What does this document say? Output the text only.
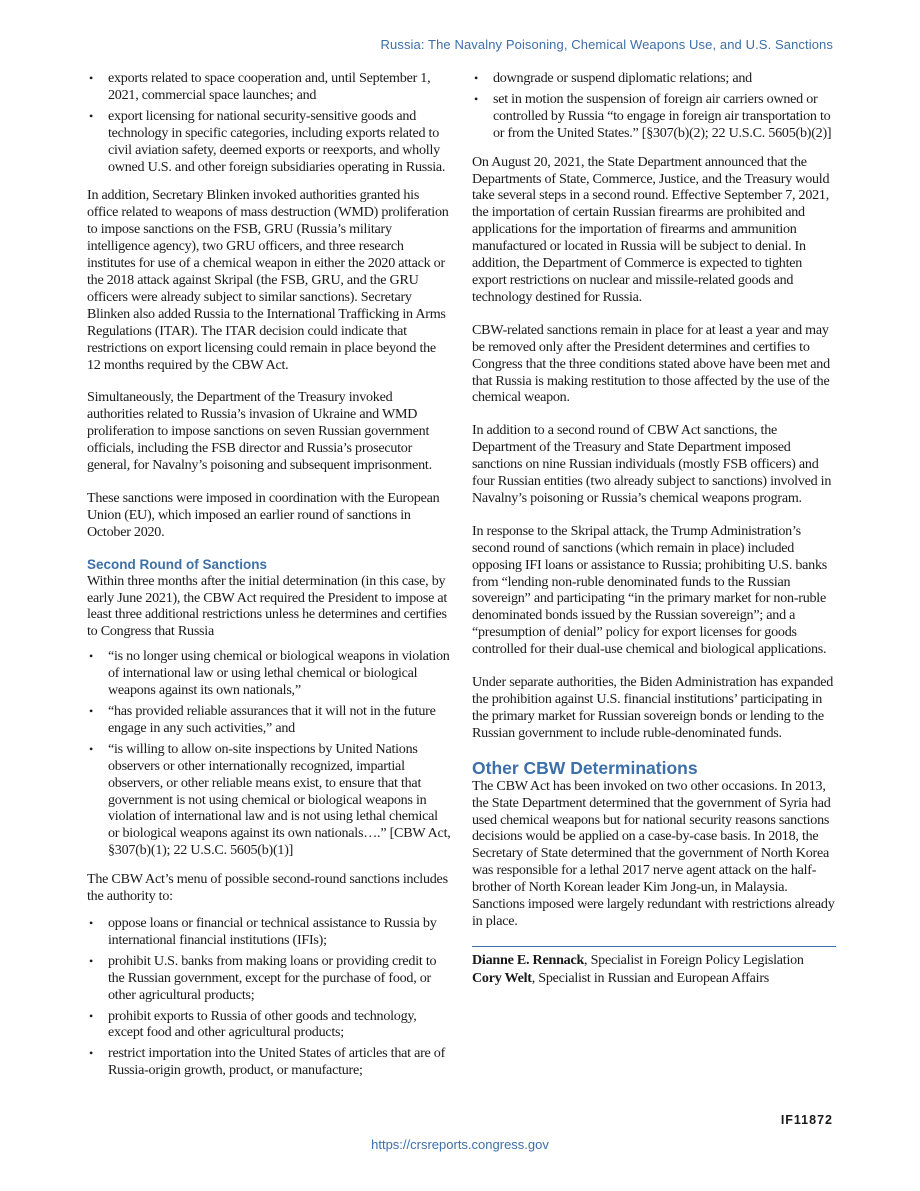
Russia: The Navalny Poisoning, Chemical Weapons Use, and U.S. Sanctions
• exports related to space cooperation and, until September 1, 2021, commercial space launches; and
• export licensing for national security-sensitive goods and technology in specific categories, including exports related to civil aviation safety, deemed exports or reexports, and wholly owned U.S. and other foreign subsidiaries operating in Russia.

In addition, Secretary Blinken invoked authorities granted his office related to weapons of mass destruction (WMD) proliferation to impose sanctions on the FSB, GRU (Russia’s military intelligence agency), two GRU officers, and three research institutes for use of a chemical weapon in either the 2020 attack or the 2018 attack against Skripal (the FSB, GRU, and the GRU officers were already subject to similar sanctions). Secretary Blinken also added Russia to the International Trafficking in Arms Regulations (ITAR). The ITAR decision could indicate that restrictions on export licensing could remain in place beyond the 12 months required by the CBW Act.

Simultaneously, the Department of the Treasury invoked authorities related to Russia’s invasion of Ukraine and WMD proliferation to impose sanctions on seven Russian government officials, including the FSB director and Russia’s prosecutor general, for Navalny’s poisoning and subsequent imprisonment.

These sanctions were imposed in coordination with the European Union (EU), which imposed an earlier round of sanctions in October 2020.

Second Round of Sanctions

Within three months after the initial determination (in this case, by early June 2021), the CBW Act required the President to impose at least three additional restrictions unless he determines and certifies to Congress that Russia

• “is no longer using chemical or biological weapons in violation of international law or using lethal chemical or biological weapons against its own nationals,”
• “has provided reliable assurances that it will not in the future engage in any such activities,” and
• “is willing to allow on-site inspections by United Nations observers or other internationally recognized, impartial observers, or other reliable means exist, to ensure that that government is not using chemical or biological weapons in violation of international law and is not using lethal chemical or biological weapons against its own nationals….” [CBW Act, §307(b)(1); 22 U.S.C. 5605(b)(1)]

The CBW Act’s menu of possible second-round sanctions includes the authority to:

• oppose loans or financial or technical assistance to Russia by international financial institutions (IFIs);
• prohibit U.S. banks from making loans or providing credit to the Russian government, except for the purchase of food, or other agricultural products;
• prohibit exports to Russia of other goods and technology, except food and other agricultural products;
• restrict importation into the United States of articles that are of Russia-origin growth, product, or manufacture;
• downgrade or suspend diplomatic relations; and
• set in motion the suspension of foreign air carriers owned or controlled by Russia “to engage in foreign air transportation to or from the United States.” [§307(b)(2); 22 U.S.C. 5605(b)(2)]

On August 20, 2021, the State Department announced that the Departments of State, Commerce, Justice, and the Treasury would take several steps in a second round. Effective September 7, 2021, the importation of certain Russian firearms are prohibited and applications for the importation of firearms and ammunition manufactured or located in Russia will be subject to denial. In addition, the Department of Commerce is expected to tighten export restrictions on nuclear and missile-related goods and technology destined for Russia.

CBW-related sanctions remain in place for at least a year and may be removed only after the President determines and certifies to Congress that the three conditions stated above have been met and that Russia is making restitution to those affected by the use of the chemical weapon.

In addition to a second round of CBW Act sanctions, the Department of the Treasury and State Department imposed sanctions on nine Russian individuals (mostly FSB officers) and four Russian entities (two already subject to sanctions) involved in Navalny’s poisoning or Russia’s chemical weapons program.

In response to the Skripal attack, the Trump Administration’s second round of sanctions (which remain in place) included opposing IFI loans or assistance to Russia; prohibiting U.S. banks from “lending non-ruble denominated funds to the Russian sovereign” and participating “in the primary market for non-ruble denominated bonds issued by the Russian sovereign”; and a “presumption of denial” policy for export licenses for goods controlled for their dual-use chemical and biological applications.

Under separate authorities, the Biden Administration has expanded the prohibition against U.S. financial institutions’ participating in the primary market for Russian sovereign bonds or lending to the Russian government to include ruble-denominated funds.

Other CBW Determinations

The CBW Act has been invoked on two other occasions. In 2013, the State Department determined that the government of Syria had used chemical weapons but for national security reasons sanctions decisions would be applied on a case-by-case basis. In 2018, the Secretary of State determined that the government of North Korea was responsible for a lethal 2017 nerve agent attack on the half-brother of North Korean leader Kim Jong-un, in Malaysia. Sanctions imposed were largely redundant with restrictions already in place.

Dianne E. Rennack, Specialist in Foreign Policy Legislation
Cory Welt, Specialist in Russian and European Affairs
IF11872
https://crsreports.congress.gov
